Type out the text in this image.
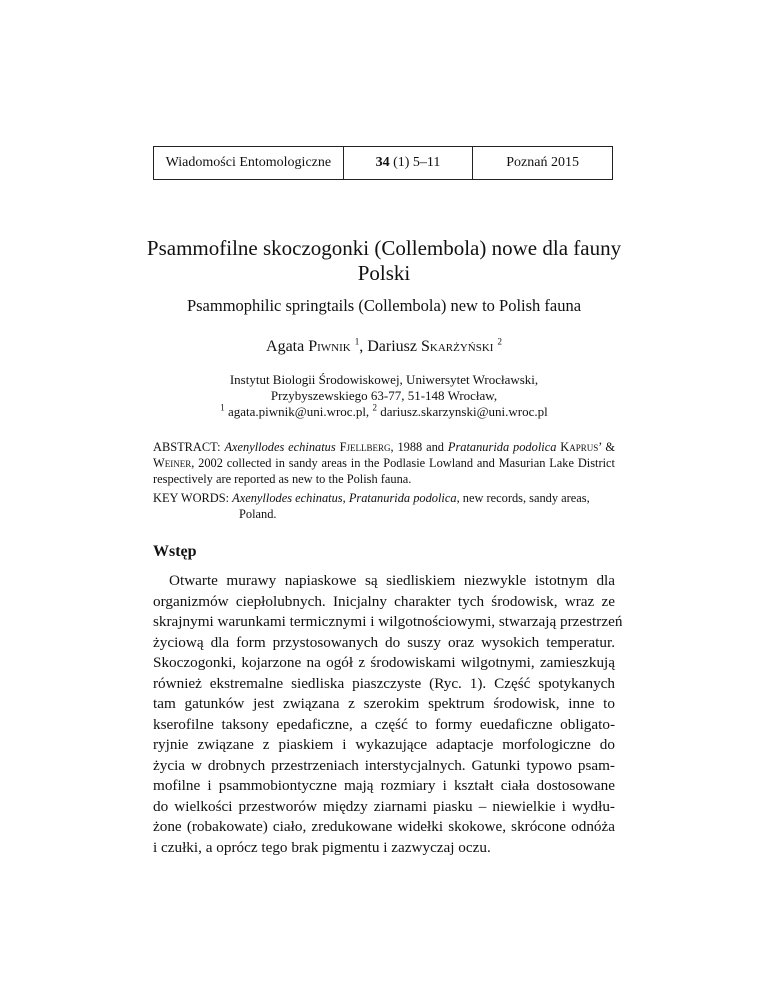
Wiadomości Entomologiczne	34 (1) 5–11	Poznań 2015
Psammofilne skoczogonki (Collembola) nowe dla fauny
Polski
Psammophilic springtails (Collembola) new to Polish fauna
Agata Piwnik $^1$, Dariusz Skarżyński $^2$
Instytut Biologii Środowiskowej, Uniwersytet Wrocławski,
Przybyszewskiego 63-77, 51-148 Wrocław,
$^1$ agata.piwnik@uni.wroc.pl, $^2$ dariusz.skarzynski@uni.wroc.pl

ABSTRACT: Axenyllodes echinatus Fjellberg, 1988 and Pratanurida podolica Kaprus’ & Weiner, 2002 collected in sandy areas in the Podlasie Lowland and Masurian Lake District respectively are reported as new to the Polish fauna.

KEY WORDS: Axenyllodes echinatus, Pratanurida podolica, new records, sandy areas,
Poland.
Wstęp
Otwarte murawy napiaskowe są siedliskiem niezwykle istotnym dla
organizmów ciepłolubnych. Inicjalny charakter tych środowisk, wraz ze
skrajnymi warunkami termicznymi i wilgotnościowymi, stwarzają przestrzeń
życiową dla form przystosowanych do suszy oraz wysokich temperatur.
Skoczogonki, kojarzone na ogół z środowiskami wilgotnymi, zamieszkują
również ekstremalne siedliska piaszczyste (Ryc. 1). Część spotykanych
tam gatunków jest związana z szerokim spektrum środowisk, inne to
kserofilne taksony epedaficzne, a część to formy euedaficzne obligato-
ryjnie związane z piaskiem i wykazujące adaptacje morfologiczne do
życia w drobnych przestrzeniach interstycjalnych. Gatunki typowo psam-
mofilne i psammobiontyczne mają rozmiary i kształt ciała dostosowane
do wielkości przestworów między ziarnami piasku – niewielkie i wydłu-
żone (robakowate) ciało, zredukowane widełki skokowe, skrócone odnóża
i czułki, a oprócz tego brak pigmentu i zazwyczaj oczu.
